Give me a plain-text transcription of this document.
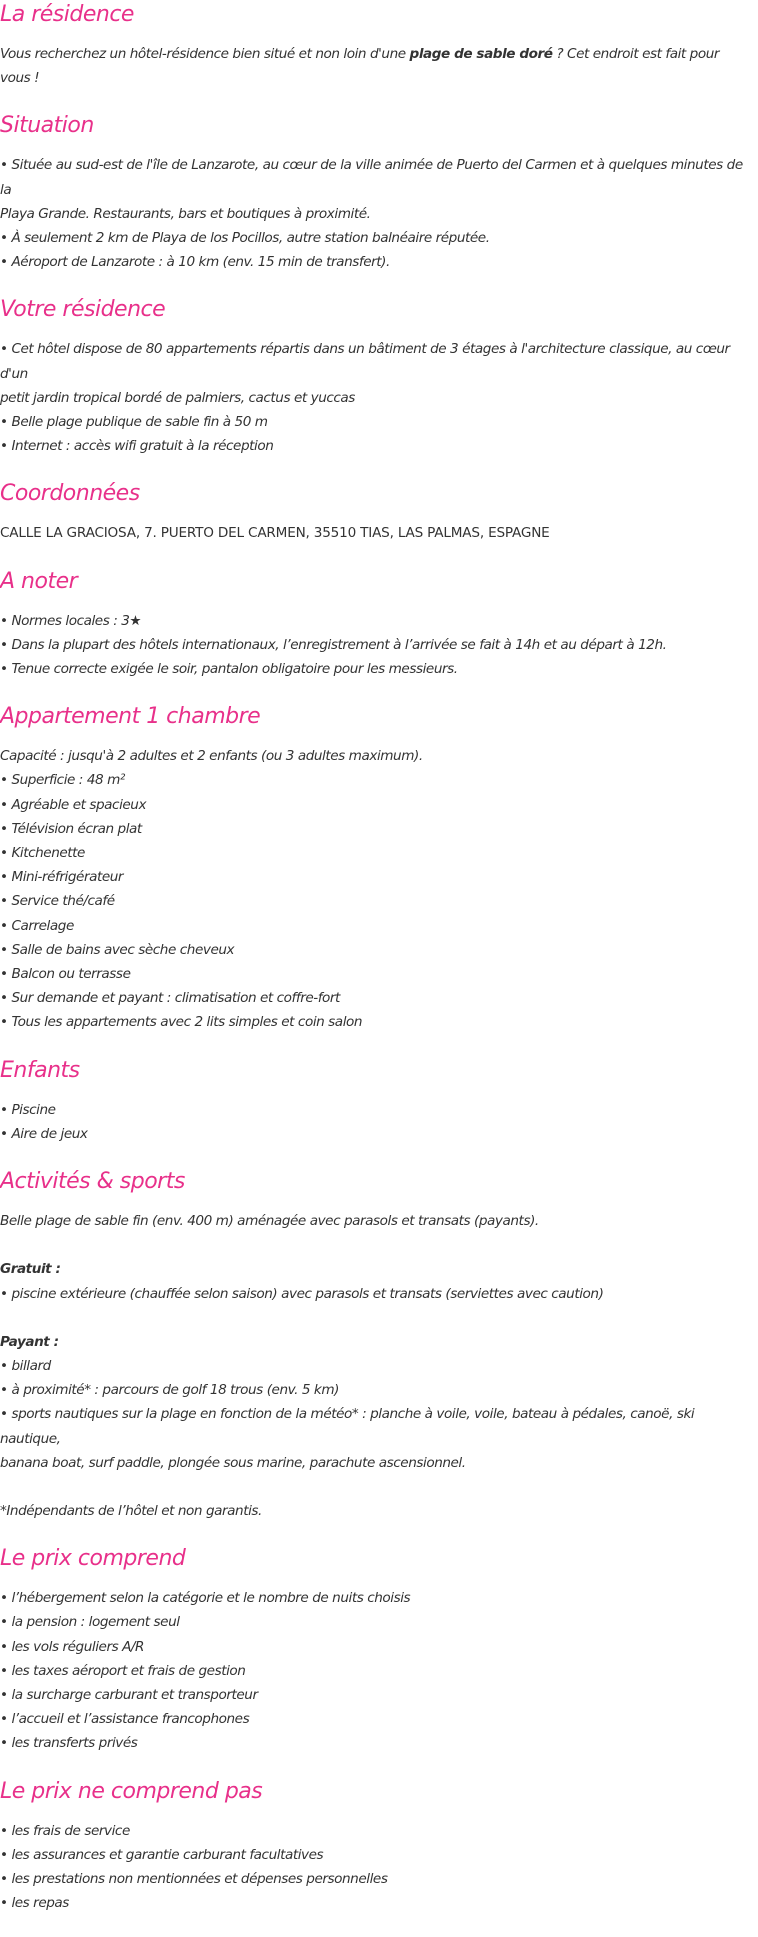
La résidence

Vous recherchez un hôtel-résidence bien situé et non loin d'une plage de sable doré ? Cet endroit est fait pour vous !

Situation
• Située au sud-est de l'île de Lanzarote, au cœur de la ville animée de Puerto del Carmen et à quelques minutes de la
Playa Grande. Restaurants, bars et boutiques à proximité.
• À seulement 2 km de Playa de los Pocillos, autre station balnéaire réputée.
• Aéroport de Lanzarote : à 10 km (env. 15 min de transfert).
Votre résidence
• Cet hôtel dispose de 80 appartements répartis dans un bâtiment de 3 étages à l'architecture classique, au cœur d'un
petit jardin tropical bordé de palmiers, cactus et yuccas
• Belle plage publique de sable fin à 50 m
• Internet : accès wifi gratuit à la réception
Coordonnées
CALLE LA GRACIOSA, 7. PUERTO DEL CARMEN, 35510 TIAS, LAS PALMAS, ESPAGNE
A noter
• Normes locales : 3★
• Dans la plupart des hôtels internationaux, l’enregistrement à l’arrivée se fait à 14h et au départ à 12h.
• Tenue correcte exigée le soir, pantalon obligatoire pour les messieurs.
Appartement 1 chambre
Capacité : jusqu'à 2 adultes et 2 enfants (ou 3 adultes maximum).
• Superficie : 48 m²
• Agréable et spacieux
• Télévision écran plat
• Kitchenette
• Mini-réfrigérateur
• Service thé/café
• Carrelage
• Salle de bains avec sèche cheveux
• Balcon ou terrasse
• Sur demande et payant : climatisation et coffre-fort
• Tous les appartements avec 2 lits simples et coin salon
Enfants
• Piscine
• Aire de jeux
Activités & sports
Belle plage de sable fin (env. 400 m) aménagée avec parasols et transats (payants).
Gratuit :
• piscine extérieure (chauffée selon saison) avec parasols et transats (serviettes avec caution)
Payant :
• billard
• à proximité* : parcours de golf 18 trous (env. 5 km)
• sports nautiques sur la plage en fonction de la météo* : planche à voile, voile, bateau à pédales, canoë, ski nautique,
banana boat, surf paddle, plongée sous marine, parachute ascensionnel.
*Indépendants de l’hôtel et non garantis.
Le prix comprend
• l’hébergement selon la catégorie et le nombre de nuits choisis
• la pension : logement seul
• les vols réguliers A/R
• les taxes aéroport et frais de gestion
• la surcharge carburant et transporteur
• l’accueil et l’assistance francophones
• les transferts privés
Le prix ne comprend pas
• les frais de service
• les assurances et garantie carburant facultatives
• les prestations non mentionnées et dépenses personnelles
• les repas
